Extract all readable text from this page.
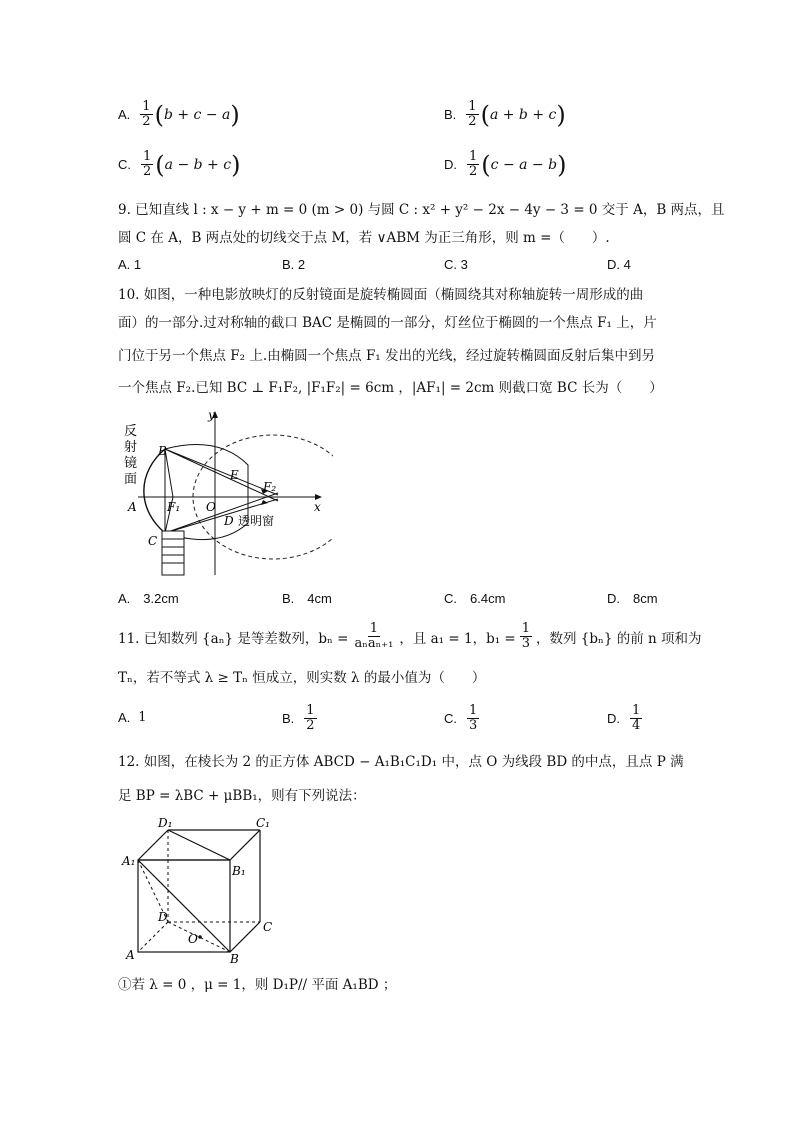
A. $\frac{1}{2}$ ( b + c − a )	B. $\frac{1}{2}$ ( a + b + c )
C. $\frac{1}{2}$ ( a − b + c )	D. $\frac{1}{2}$ ( c − a − b )
9. 已知直线 l : x − y + m = 0 (m > 0) 与圆 C : x² + y² − 2x − 4y − 3 = 0 交于 A，B 两点，且
圆 C 在 A，B 两点处的切线交于点 M，若 ∨ABM 为正三角形，则 m =（　　）.
A. 1	B. 2	C. 3	D. 4
10. 如图，一种电影放映灯的反射镜面是旋转椭圆面（椭圆绕其对称轴旋转一周形成的曲
面）的一部分.过对称轴的截口 BAC 是椭圆的一部分，灯丝位于椭圆的一个焦点 F₁ 上，片
门位于另一个焦点 F₂ 上.由椭圆一个焦点 F₁ 发出的光线，经过旋转椭圆面反射后集中到另
一个焦点 F₂.已知 BC ⊥ F₁F₂, |F₁F₂| = 6cm ，|AF₁| = 2cm 则截口宽 BC 长为（　　）
反
射
镜
面
B
E
F₂
A	F₁ O
D 透明窗
C
y
x
A.　3.2cm	B.　4cm	C.　6.4cm	D.　8cm
11. 已知数列 {aₙ} 是等差数列，$b_n = \frac{1}{\text{aₙaₙ₊₁}}$ ，且 a₁ = 1，$b_1 = \frac{1}{3}$ ，数列 {bₙ} 的前 n 项和为
Tₙ，若不等式 λ ≥ Tₙ 恒成立，则实数 λ 的最小值为（　　）
A. 1	B. $\frac{1}{2}$	C. $\frac{1}{3}$	D. $\frac{1}{4}$
12. 如图，在棱长为 2 的正方体 ABCD − A₁B₁C₁D₁ 中，点 O 为线段 BD 的中点，且点 P 满
足 BP = λBC + μBB₁，则有下列说法：
D₁	C₁
A₁
B₁
D
C
A	B
O
①若 λ = 0 ，μ = 1，则 D₁P// 平面 A₁BD ；
